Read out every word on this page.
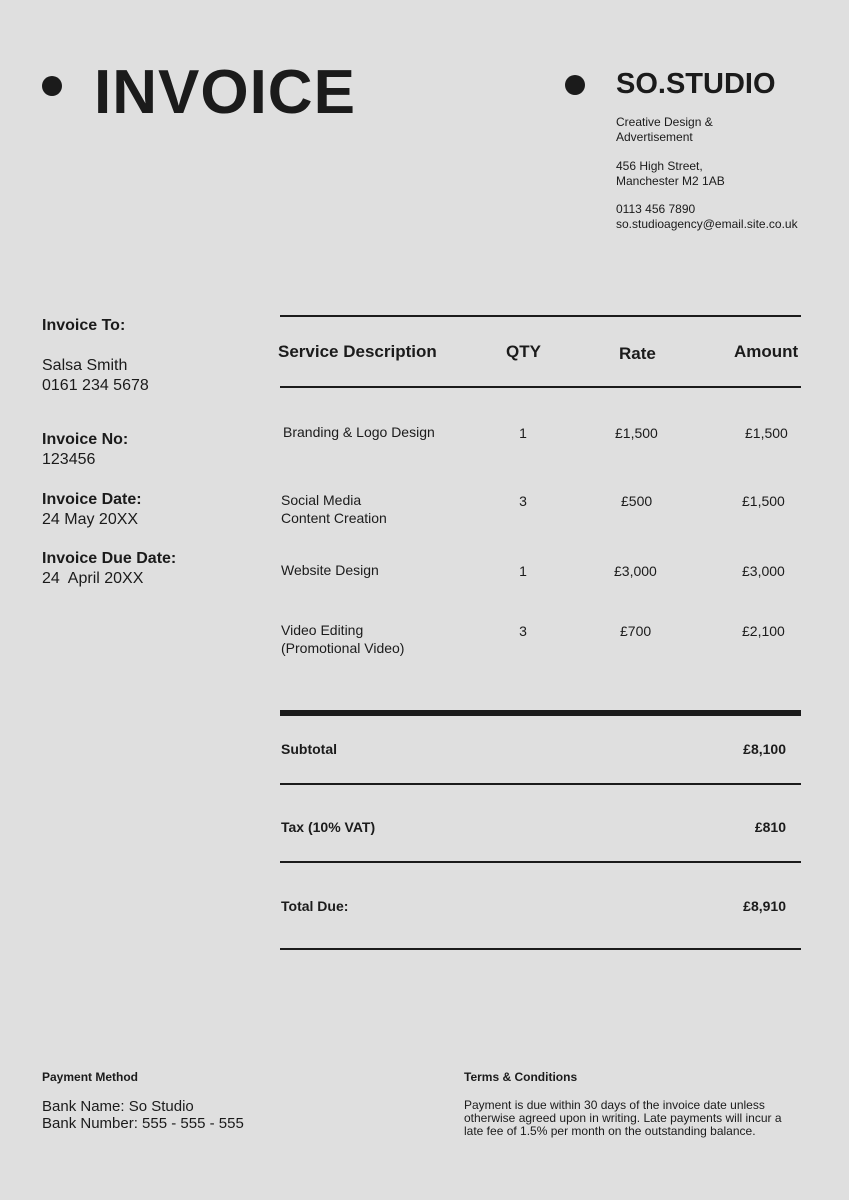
INVOICE	SO.STUDIO
Creative Design &
Advertisement
456 High Street,
Manchester M2 1AB
0113 456 7890
so.studioagency@email.site.co.uk
Invoice To:
Salsa Smith
0161 234 5678
Invoice No:
123456
Invoice Date:
24 May 20XX
Invoice Due Date:
24  April 20XX
Service Description	QTY	Rate	Amount
Branding & Logo Design	1	£1,500	£1,500
Social Media
Content Creation
3	£500	£1,500
Website Design	1	£3,000	£3,000
Video Editing
(Promotional Video)
3	£700	£2,100
Subtotal	£8,100
Tax (10% VAT)	£810
Total Due:	£8,910
Payment Method
Bank Name: So Studio
Bank Number: 555 - 555 - 555
Terms & Conditions
Payment is due within 30 days of the invoice date unless otherwise agreed upon in writing. Late payments will incur a late fee of 1.5% per month on the outstanding balance.
